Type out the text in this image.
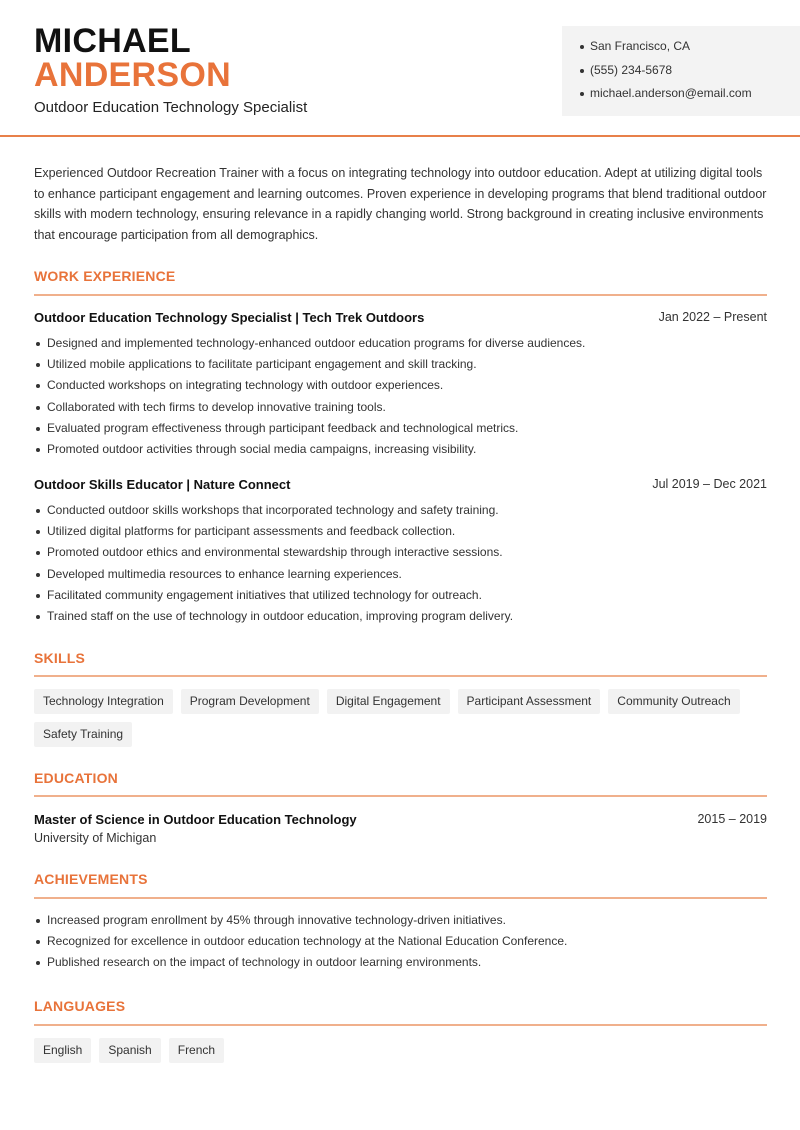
MICHAEL
ANDERSON
Outdoor Education Technology Specialist
San Francisco, CA
(555) 234-5678
michael.anderson@email.com

Experienced Outdoor Recreation Trainer with a focus on integrating technology into outdoor education. Adept at utilizing digital tools to enhance participant engagement and learning outcomes. Proven experience in developing programs that blend traditional outdoor skills with modern technology, ensuring relevance in a rapidly changing world. Strong background in creating inclusive environments that encourage participation from all demographics.

WORK EXPERIENCE
Outdoor Education Technology Specialist | Tech Trek Outdoors	Jan 2022 – Present
Designed and implemented technology-enhanced outdoor education programs for diverse audiences.
Utilized mobile applications to facilitate participant engagement and skill tracking.
Conducted workshops on integrating technology with outdoor experiences.
Collaborated with tech firms to develop innovative training tools.
Evaluated program effectiveness through participant feedback and technological metrics.
Promoted outdoor activities through social media campaigns, increasing visibility.
Outdoor Skills Educator | Nature Connect	Jul 2019 – Dec 2021
Conducted outdoor skills workshops that incorporated technology and safety training.
Utilized digital platforms for participant assessments and feedback collection.
Promoted outdoor ethics and environmental stewardship through interactive sessions.
Developed multimedia resources to enhance learning experiences.
Facilitated community engagement initiatives that utilized technology for outreach.
Trained staff on the use of technology in outdoor education, improving program delivery.
SKILLS
Technology Integration	Program Development	Digital Engagement	Participant Assessment	Community Outreach
Safety Training
EDUCATION
Master of Science in Outdoor Education Technology	2015 – 2019
University of Michigan
ACHIEVEMENTS
Increased program enrollment by 45% through innovative technology-driven initiatives.
Recognized for excellence in outdoor education technology at the National Education Conference.
Published research on the impact of technology in outdoor learning environments.
LANGUAGES
English	Spanish	French
